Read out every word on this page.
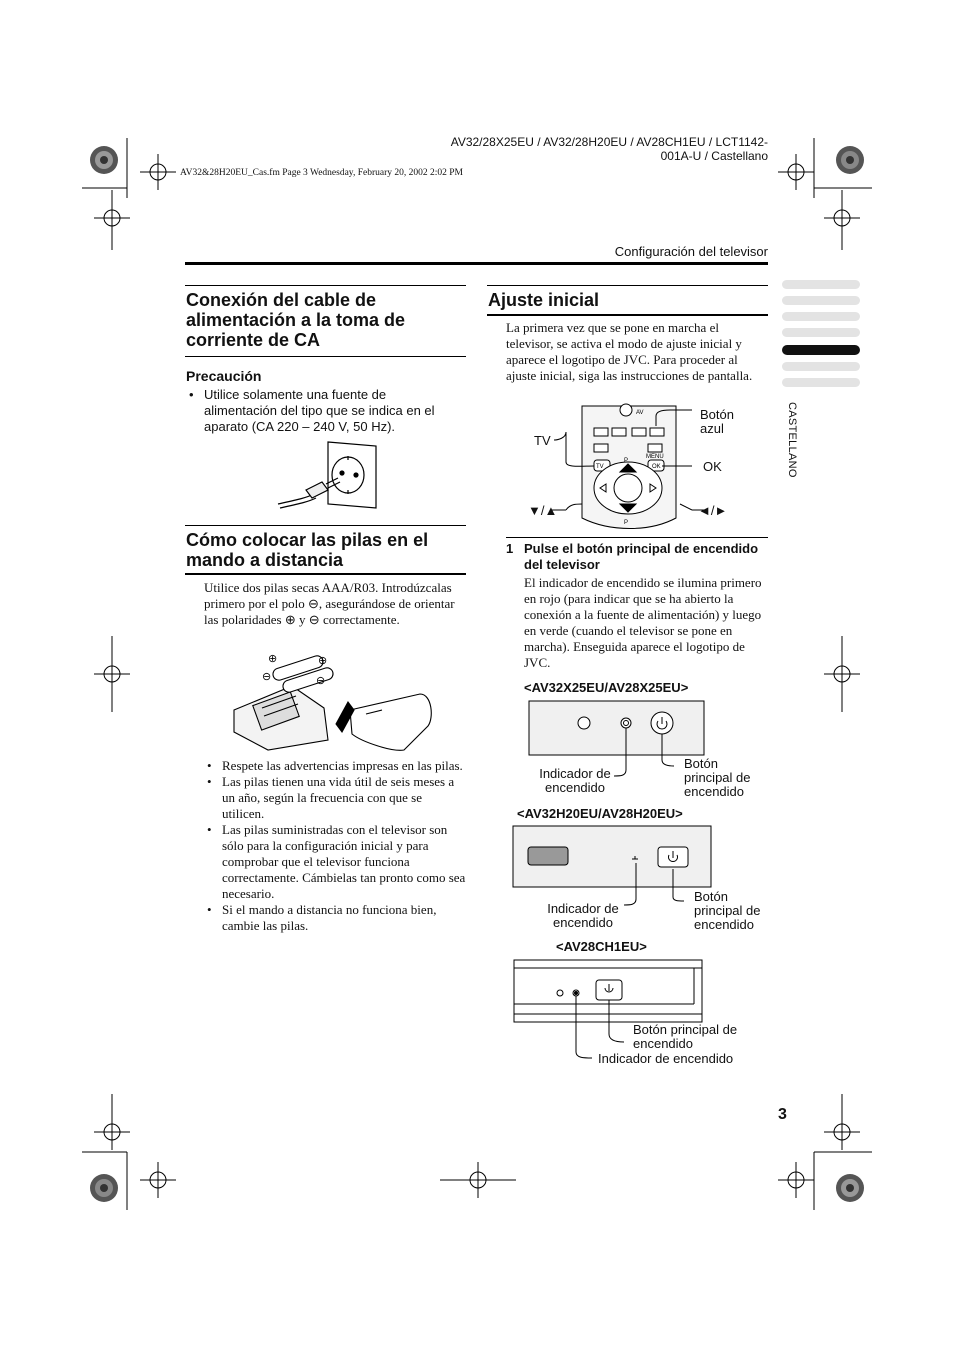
AV32/28X25EU / AV32/28H20EU / AV28CH1EU / LCT1142-001A-U / Castellano
AV32&28H20EU_Cas.fm Page 3 Wednesday, February 20, 2002 2:02 PM
Configuración del televisor
CASTELLANO
Conexión del cable de alimentación a la toma de corriente de CA
Precaución
• Utilice solamente una fuente de alimentación del tipo que se indica en el aparato (CA 220 – 240 V, 50 Hz).
Cómo colocar las pilas en el mando a distancia
Utilice dos pilas secas AAA/R03. Introdúzcalas primero por el polo ⊖, asegurándose de orientar las polaridades ⊕ y ⊖ correctamente.
⊕	⊕
⊖	⊖
• Respete las advertencias impresas en las pilas.
• Las pilas tienen una vida útil de seis meses a un año, según la frecuencia con que se utilicen.
• Las pilas suministradas con el televisor son sólo para la configuración inicial y para comprobar que el televisor funciona correctamente. Cámbielas tan pronto como sea necesario.
• Si el mando a distancia no funciona bien, cambie las pilas.
Ajuste inicial
La primera vez que se pone en marcha el televisor, se activa el modo de ajuste inicial y aparece el logotipo de JVC. Para proceder al ajuste inicial, siga las instrucciones de pantalla.
AV
MENU
TV	OK
P
P
TV
Botón azul
OK
▼/▲	◄/►
1 Pulse el botón principal de encendido del televisor
El indicador de encendido se ilumina primero en rojo (para indicar que se ha abierto la conexión a la fuente de alimentación) y luego en verde (cuando el televisor se pone en marcha). Enseguida aparece el logotipo de JVC.
<AV32X25EU/AV28X25EU>
Indicador de encendido
Botón principal de encendido
<AV32H20EU/AV28H20EU>
Indicador de encendido
Botón principal de encendido
<AV28CH1EU>
Botón principal de encendido
Indicador de encendido
3
